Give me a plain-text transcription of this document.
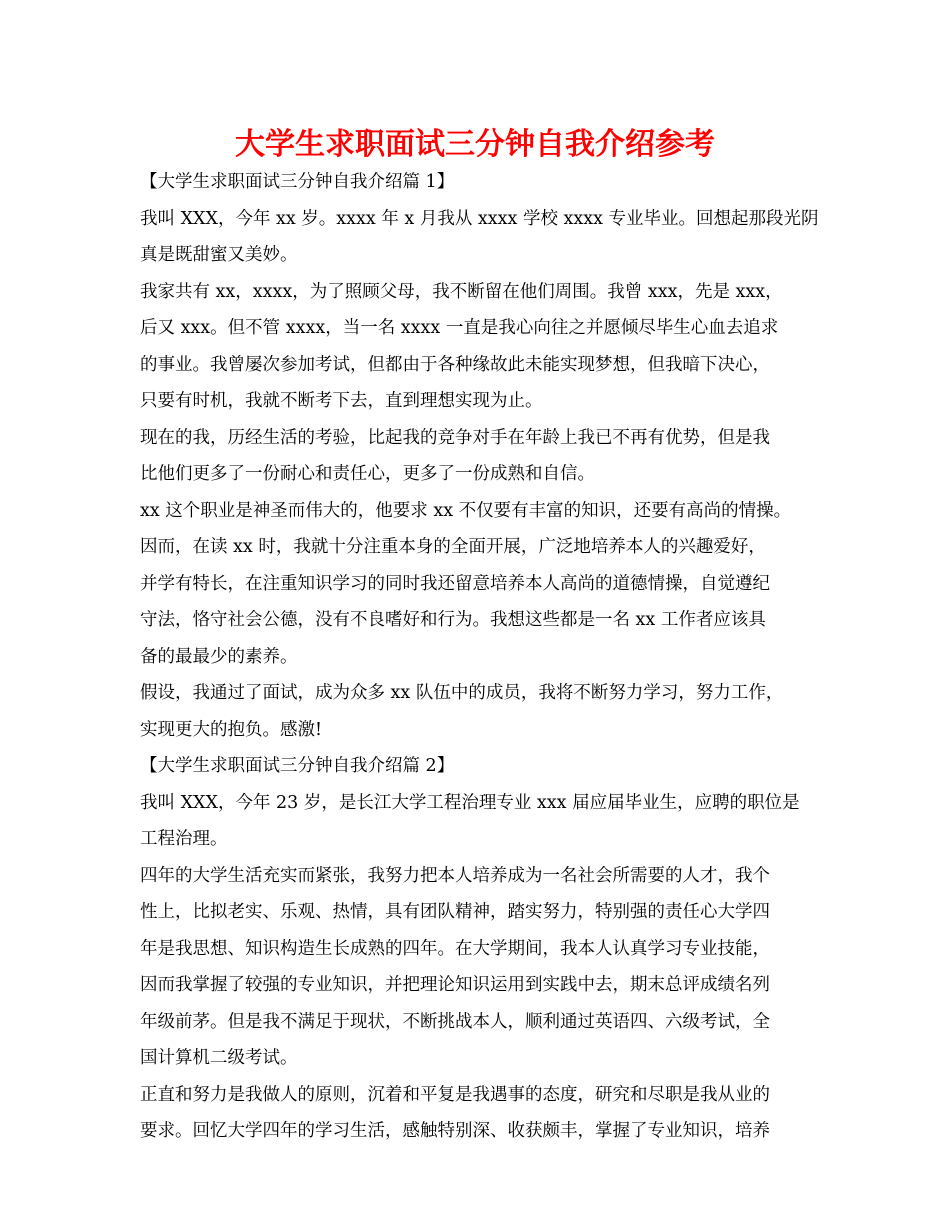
大学生求职面试三分钟自我介绍参考
【大学生求职面试三分钟自我介绍篇 1】
我叫 XXX，今年 xx 岁。xxxx 年 x 月我从 xxxx 学校 xxxx 专业毕业。回想起那段光阴
真是既甜蜜又美妙。
我家共有 xx，xxxx，为了照顾父母，我不断留在他们周围。我曾 xxx，先是 xxx，
后又 xxx。但不管 xxxx，当一名 xxxx 一直是我心向往之并愿倾尽毕生心血去追求
的事业。我曾屡次参加考试，但都由于各种缘故此未能实现梦想，但我暗下决心，
只要有时机，我就不断考下去，直到理想实现为止。
现在的我，历经生活的考验，比起我的竞争对手在年龄上我已不再有优势，但是我
比他们更多了一份耐心和责任心，更多了一份成熟和自信。
xx 这个职业是神圣而伟大的，他要求 xx 不仅要有丰富的知识，还要有高尚的情操。
因而，在读 xx 时，我就十分注重本身的全面开展，广泛地培养本人的兴趣爱好，
并学有特长，在注重知识学习的同时我还留意培养本人高尚的道德情操，自觉遵纪
守法，恪守社会公德，没有不良嗜好和行为。我想这些都是一名 xx 工作者应该具
备的最最少的素养。
假设，我通过了面试，成为众多 xx 队伍中的成员，我将不断努力学习，努力工作，
实现更大的抱负。感激!
【大学生求职面试三分钟自我介绍篇 2】
我叫 XXX，今年 23 岁，是长江大学工程治理专业 xxx 届应届毕业生，应聘的职位是
工程治理。
四年的大学生活充实而紧张，我努力把本人培养成为一名社会所需要的人才，我个
性上，比拟老实、乐观、热情，具有团队精神，踏实努力，特别强的责任心大学四
年是我思想、知识构造生长成熟的四年。在大学期间，我本人认真学习专业技能，
因而我掌握了较强的专业知识，并把理论知识运用到实践中去，期末总评成绩名列
年级前茅。但是我不满足于现状，不断挑战本人，顺利通过英语四、六级考试，全
国计算机二级考试。
正直和努力是我做人的原则，沉着和平复是我遇事的态度，研究和尽职是我从业的
要求。回忆大学四年的学习生活，感触特别深、收获颇丰，掌握了专业知识，培养
